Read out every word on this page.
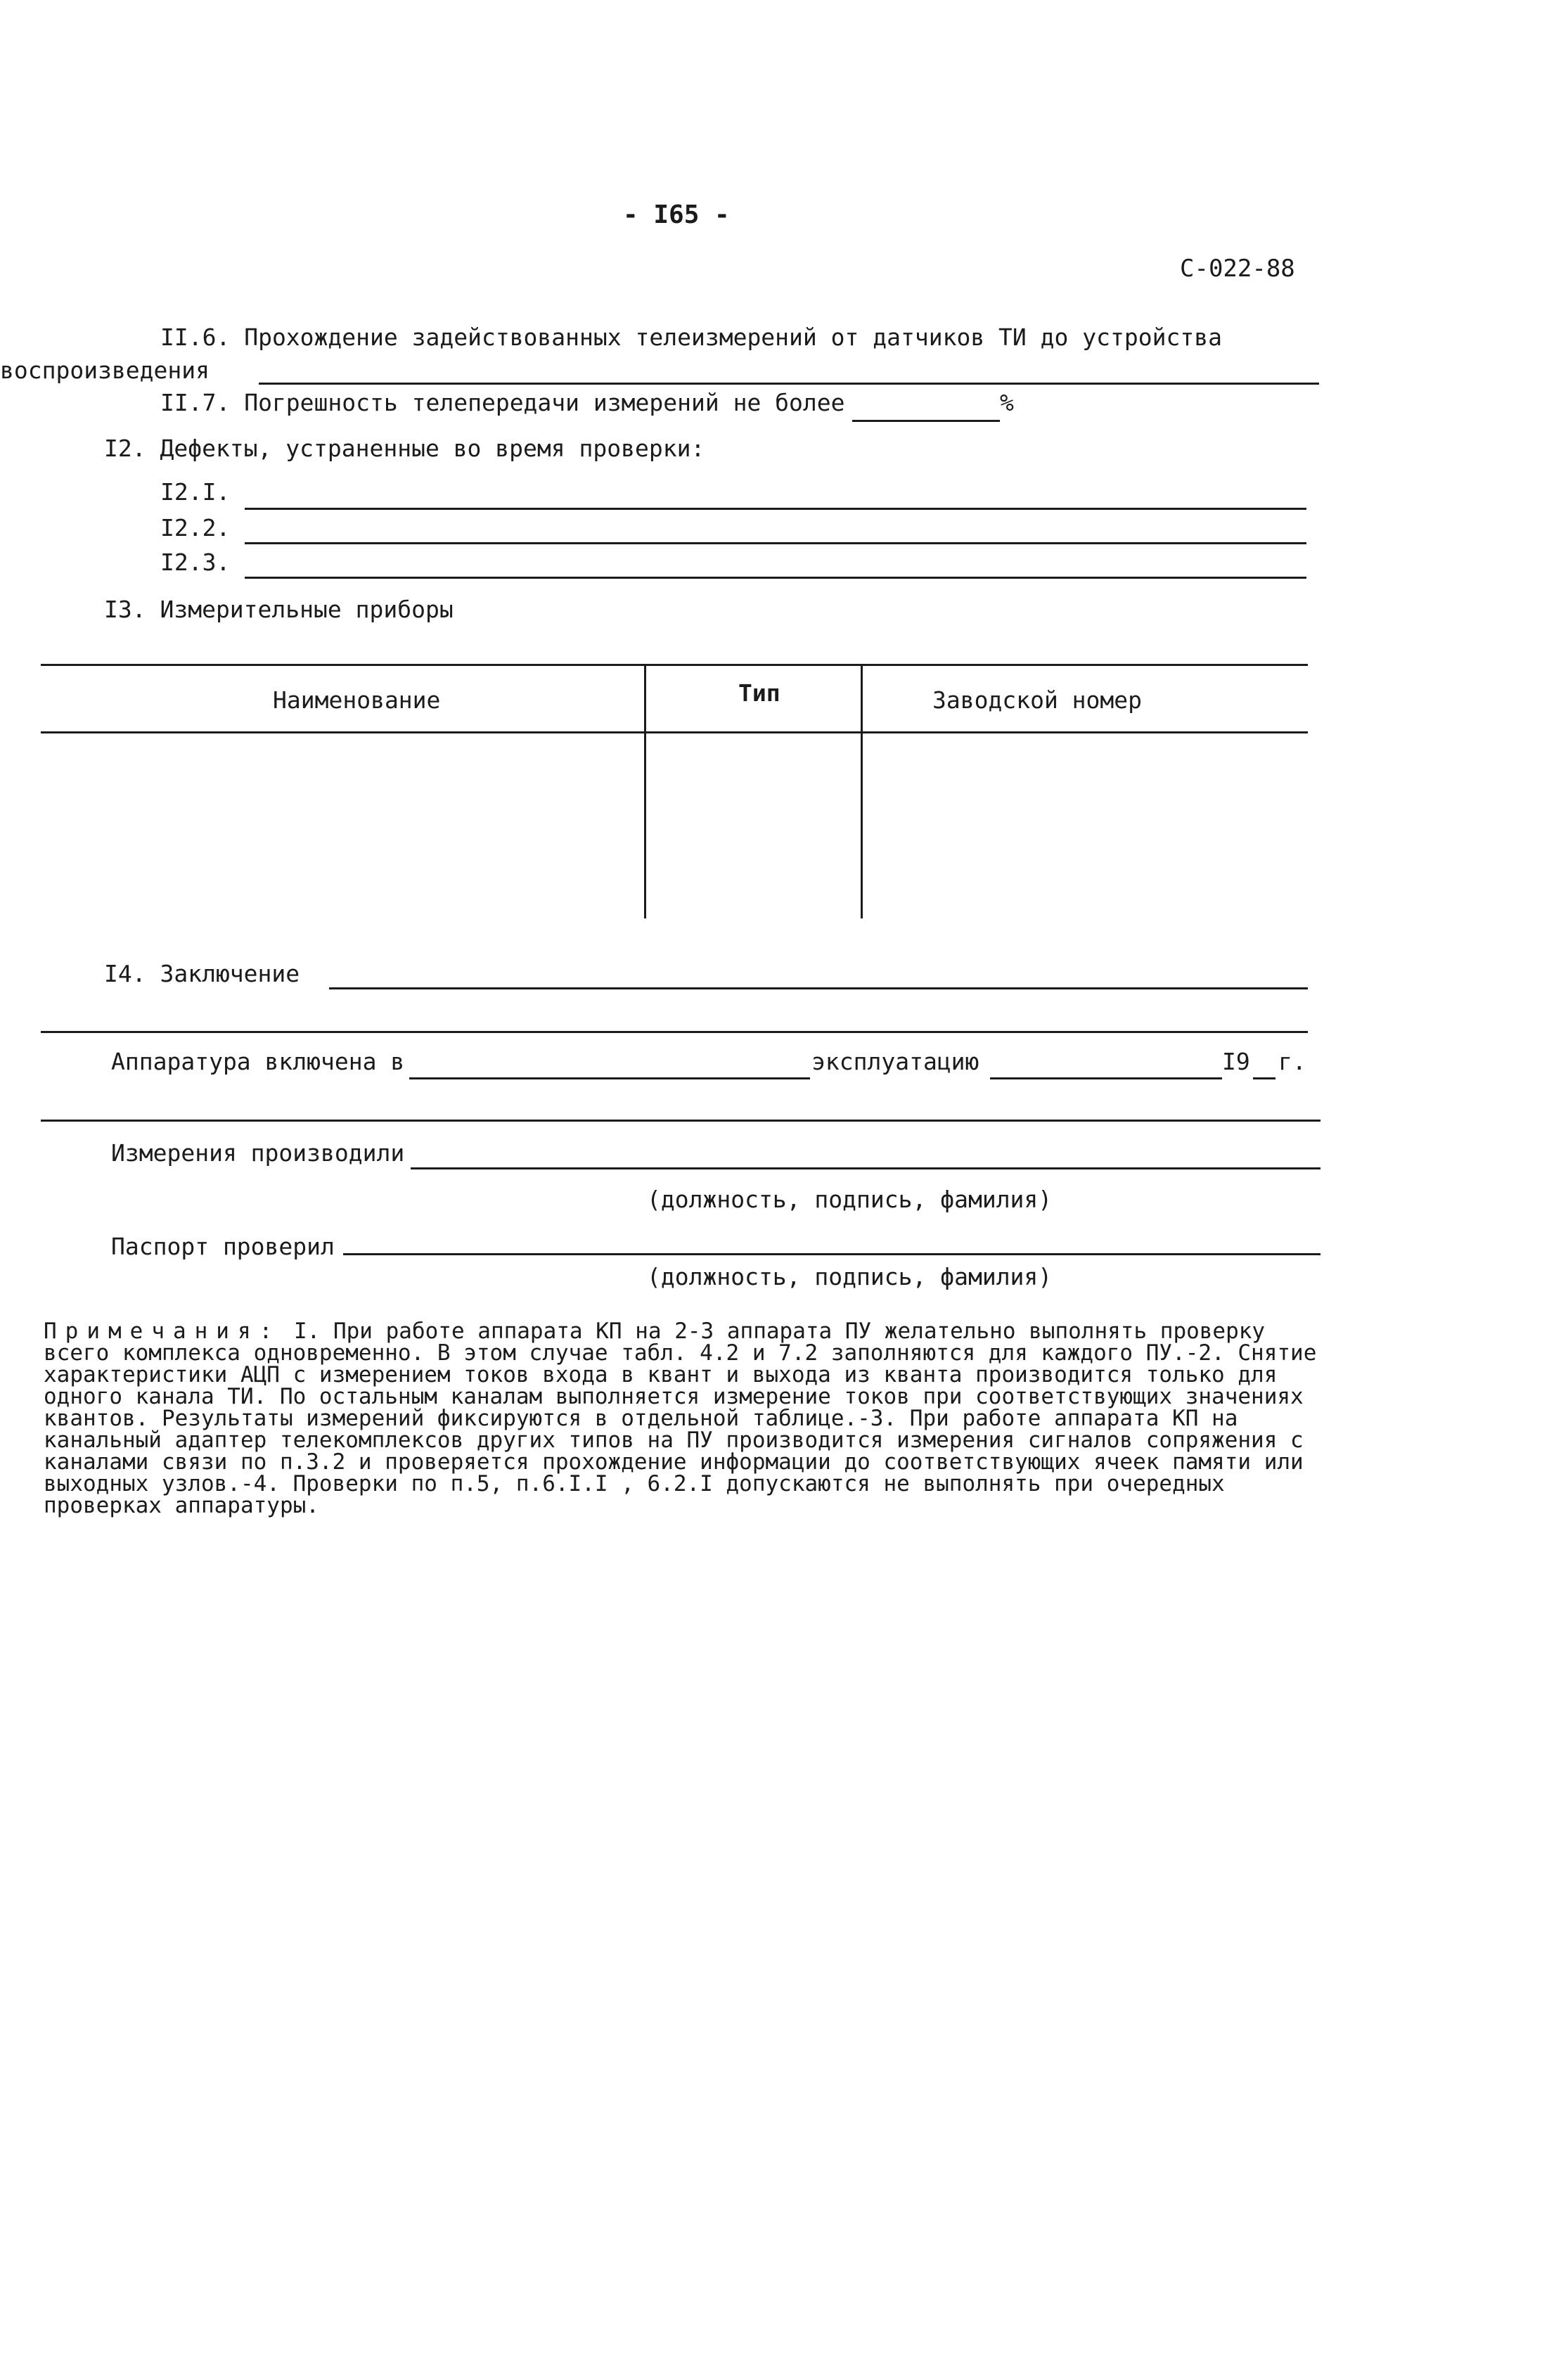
- I65 -
С-022-88
II.6. Прохождение задействованных телеизмерений от датчиков ТИ до устройства
воспроизведения
II.7. Погрешность телепередачи измерений не более	%
I2. Дефекты, устраненные во время проверки:
I2.I.
I2.2.
I2.3.
I3. Измерительные приборы
Наименование	Тип	Заводской номер
I4. Заключение
Аппаратура включена в	эксплуатацию	I9 г.
Измерения производили
(должность, подпись, фамилия)
Паспорт проверил
(должность, подпись, фамилия)
Примечания: I. При работе аппарата КП на 2-3 аппарата ПУ желательно выполнять проверку всего комплекса одновременно. В этом случае табл. 4.2 и 7.2 заполняются для каждого ПУ.-2. Снятие характеристики АЦП с измерением токов входа в квант и выхода из кванта производится только для одного канала ТИ. По остальным каналам выполняется измерение токов при соответствующих значениях квантов. Результаты измерений фиксируются в отдельной таблице.-3. При работе аппарата КП на канальный адаптер телекомплексов других типов на ПУ производится измерения сигналов сопряжения с каналами связи по п.3.2 и проверяется прохождение информации до соответствующих ячеек памяти или выходных узлов.-4. Проверки по п.5, п.6.I.I , 6.2.I допускаются не выполнять при очередных проверках аппаратуры.
